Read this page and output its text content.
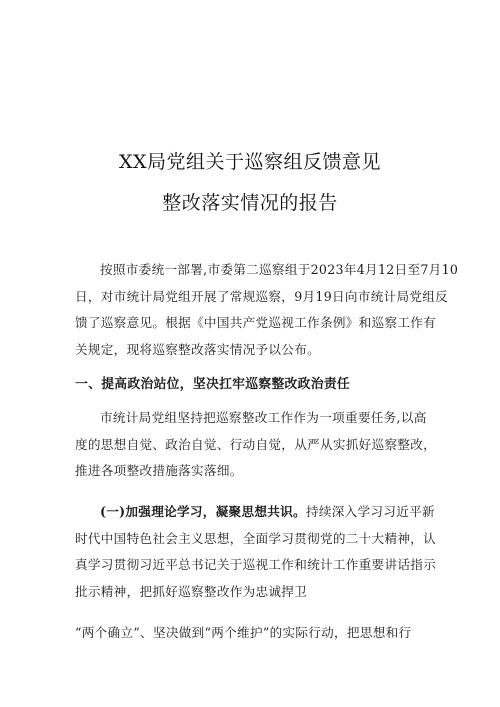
XX局党组关于巡察组反馈意见
整改落实情况的报告
按照市委统一部署,市委第二巡察组于2023年4月12日至7月10
日，对市统计局党组开展了常规巡察，9月19日向市统计局党组反
馈了巡察意见。根据《中国共产党巡视工作条例》和巡察工作有
关规定，现将巡察整改落实情况予以公布。
一、提高政治站位，坚决扛牢巡察整改政治责任
市统计局党组坚持把巡察整改工作作为一项重要任务,以高
度的思想自觉、政治自觉、行动自觉，从严从实抓好巡察整改，
推进各项整改措施落实落细。
(一)加强理论学习，凝聚思想共识。持续深入学习习近平新
时代中国特色社会主义思想，全面学习贯彻党的二十大精神，认
真学习贯彻习近平总书记关于巡视工作和统计工作重要讲话指示
批示精神，把抓好巡察整改作为忠诚捍卫
“两个确立”、坚决做到“两个维护”的实际行动，把思想和行
